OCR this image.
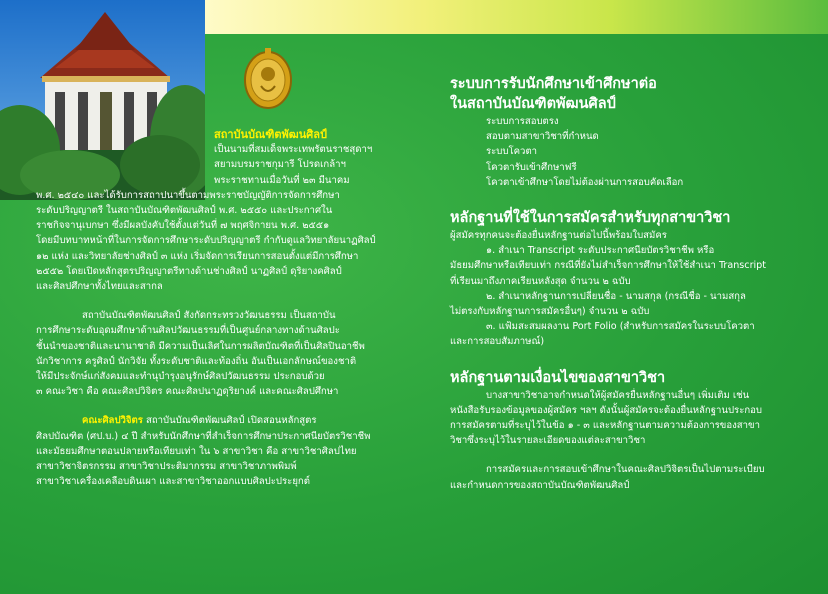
สถาบันบัณฑิตพัฒนศิลป์

เป็นนามที่สมเด็จพระเทพรัตนราชสุดาฯ

สยามบรมราชกุมารี โปรดเกล้าฯ

พระราชทานเมื่อวันที่ ๒๓ มีนาคม

พ.ศ. ๒๕๔๐ และได้รับการสถาปนาขึ้นตามพระราชบัญญัติการจัดการศึกษา

ระดับปริญญาตรี ในสถาบันบัณฑิตพัฒนศิลป์ พ.ศ. ๒๕๕๐ และประกาศใน

ราชกิจจานุเบกษา ซึ่งมีผลบังคับใช้ตั้งแต่วันที่ ๗ พฤศจิกายน พ.ศ. ๒๕๕๑

โดยมีบทบาทหน้าที่ในการจัดการศึกษาระดับปริญญาตรี กำกับดูแลวิทยาลัยนาฏศิลป์

๑๒ แห่ง และวิทยาลัยช่างศิลป์ ๓ แห่ง เริ่มจัดการเรียนการสอนตั้งแต่มีการศึกษา

๒๕๕๒ โดยเปิดหลักสูตรปริญญาตรีทางด้านช่างศิลป์ นาฏศิลป์ ดุริยางคศิลป์

และศิลปศึกษาทั้งไทยและสากล

สถาบันบัณฑิตพัฒนศิลป์ สังกัดกระทรวงวัฒนธรรม เป็นสถาบัน

การศึกษาระดับอุดมศึกษาด้านศิลปวัฒนธรรมที่เป็นศูนย์กลางทางด้านศิลปะ

ชั้นนำของชาติและนานาชาติ มีความเป็นเลิศในการผลิตบัณฑิตที่เป็นศิลปินอาชีพ

นักวิชาการ ครูศิลป์ นักวิจัย ทั้งระดับชาติและท้องถิ่น อันเป็นเอกลักษณ์ของชาติ

ให้มีประจักษ์แก่สังคมและทำนุบำรุงอนุรักษ์ศิลปวัฒนธรรม ประกอบด้วย

๓ คณะวิชา คือ คณะศิลปวิจิตร คณะศิลปนาฏดุริยางค์ และคณะศิลปศึกษา

คณะศิลปวิจิตร สถาบันบัณฑิตพัฒนศิลป์ เปิดสอนหลักสูตร

ศิลปบัณฑิต (ศป.บ.) ๔ ปี สำหรับนักศึกษาที่สำเร็จการศึกษาประกาศนียบัตรวิชาชีพ

และมัธยมศึกษาตอนปลายหรือเทียบเท่า ใน ๖ สาขาวิชา คือ สาขาวิชาศิลปไทย

สาขาวิชาจิตรกรรม สาขาวิชาประติมากรรม สาขาวิชาภาพพิมพ์

สาขาวิชาเครื่องเคลือบดินเผา และสาขาวิชาออกแบบศิลปะประยุกต์

ระบบการรับนักศึกษาเข้าศึกษาต่อ

ในสถาบันบัณฑิตพัฒนศิลป์

ระบบการสอบตรง

สอบตามสาขาวิชาที่กำหนด

ระบบโควตา

โควตารับเข้าศึกษาฟรี

โควตาเข้าศึกษาโดยไม่ต้องผ่านการสอบคัดเลือก

หลักฐานที่ใช้ในการสมัครสำหรับทุกสาขาวิชา

ผู้สมัครทุกคนจะต้องยื่นหลักฐานต่อไปนี้พร้อมใบสมัคร

๑. สำเนา Transcript ระดับประกาศนียบัตรวิชาชีพ หรือ

มัธยมศึกษาหรือเทียบเท่า กรณีที่ยังไม่สำเร็จการศึกษาให้ใช้สำเนา Transcript

ที่เรียนมาถึงภาคเรียนหลังสุด จำนวน ๒ ฉบับ

๒. สำเนาหลักฐานการเปลี่ยนชื่อ - นามสกุล (กรณีชื่อ - นามสกุล

ไม่ตรงกับหลักฐานการสมัครอื่นๆ) จำนวน ๒ ฉบับ

๓. แฟ้มสะสมผลงาน Port Folio (สำหรับการสมัครในระบบโควตา

และการสอบสัมภาษณ์)

หลักฐานตามเงื่อนไขของสาขาวิชา

บางสาขาวิชาอาจกำหนดให้ผู้สมัครยื่นหลักฐานอื่นๆ เพิ่มเติม เช่น

หนังสือรับรองข้อมูลของผู้สมัคร ฯลฯ ดังนั้นผู้สมัครจะต้องยื่นหลักฐานประกอบ

การสมัครตามที่ระบุไว้ในข้อ ๑ - ๓ และหลักฐานตามความต้องการของสาขา

วิชาซึ่งระบุไว้ในรายละเอียดของแต่ละสาขาวิชา

การสมัครและการสอบเข้าศึกษาในคณะศิลปวิจิตรเป็นไปตามระเบียบ

และกำหนดการของสถาบันบัณฑิตพัฒนศิลป์
